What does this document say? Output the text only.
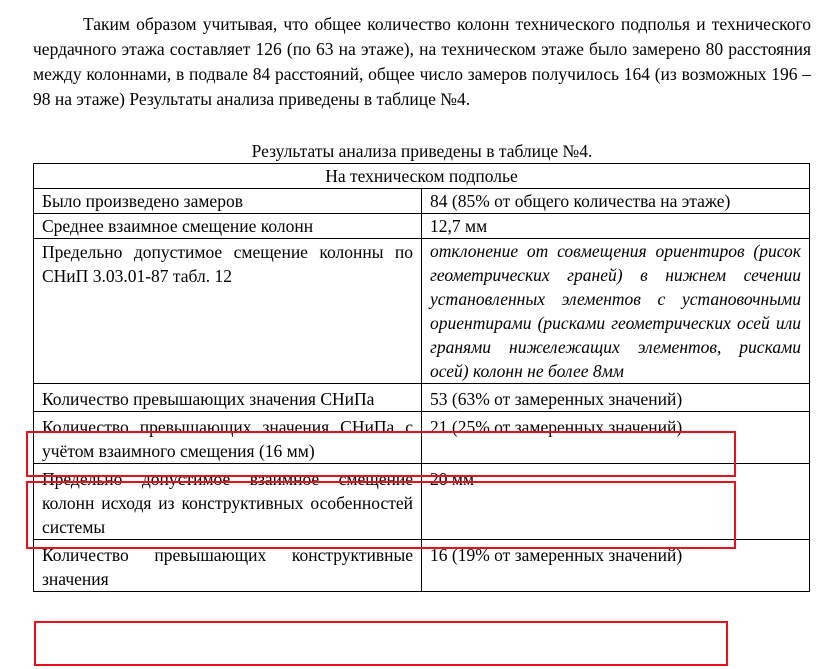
Таким образом учитывая, что общее количество колонн технического подполья и технического чердачного этажа составляет 126 (по 63 на этаже), на техническом этаже было замерено 80 расстояния между колоннами, в подвале 84 расстояний, общее число замеров получилось 164 (из возможных 196 – 98 на этаже) Результаты анализа приведены в таблице №4.

Результаты анализа приведены в таблице №4.

На техническом подполье	
Было произведено замеров	84 (85% от общего количества на этаже)
Среднее взаимное смещение колонн	12,7 мм
Предельно допустимое смещение колонны по СНиП 3.03.01-87 табл. 12	отклонение от совмещения ориентиров (рисок геометрических граней) в нижнем сечении установленных элементов с установочными ориентирами (рисками геометрических осей или гранями нижележащих элементов, рисками осей) колонн не более 8мм
Количество превышающих значения СНиПа	53 (63% от замеренных значений)
Количество превышающих значения СНиПа с учётом взаимного смещения (16 мм)	21 (25% от замеренных значений)
Предельно допустимое взаимное смещение колонн исходя из конструктивных особенностей системы	20 мм
Количество превышающих конструктивные значения	16 (19% от замеренных значений)
